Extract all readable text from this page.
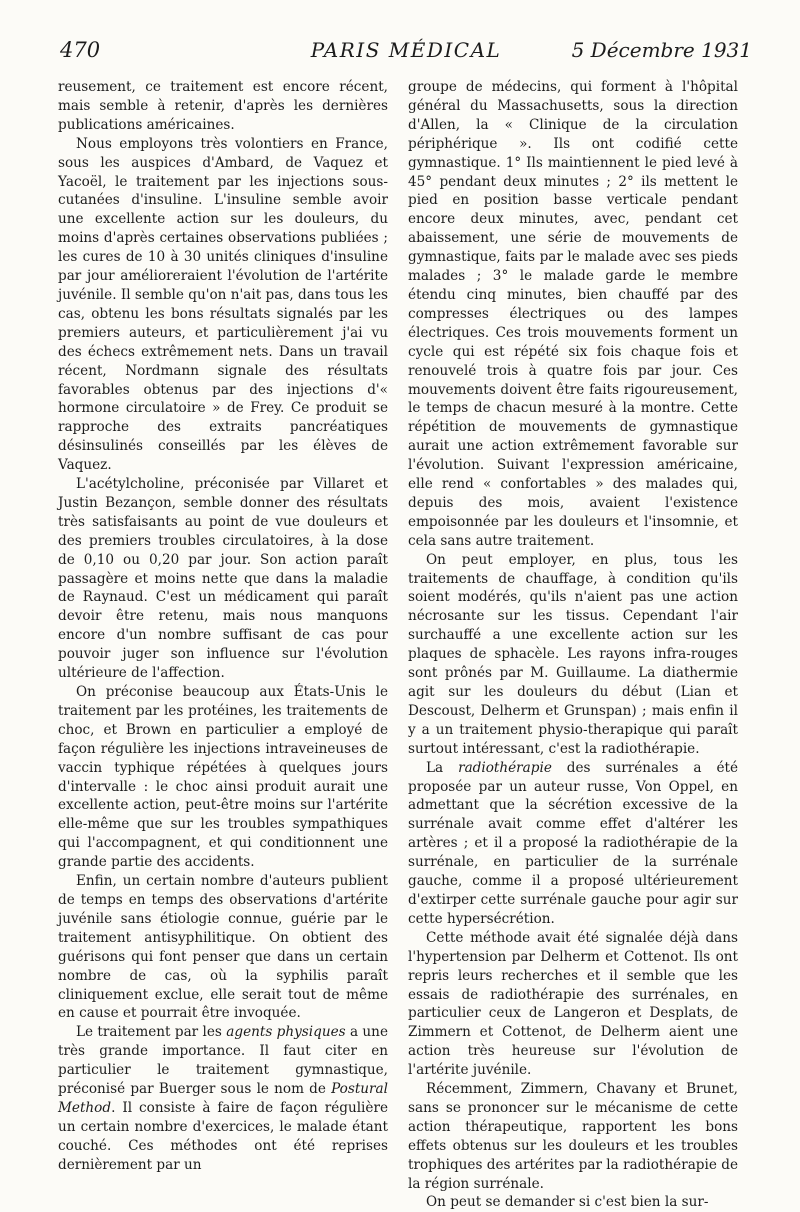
470	PARIS MÉDICAL	5 Décembre 1931

reusement, ce traitement est encore récent, mais semble à retenir, d'après les dernières publications américaines.

Nous employons très volontiers en France, sous les auspices d'Ambard, de Vaquez et Yacoël, le traitement par les injections sous-cutanées d'insuline. L'insuline semble avoir une excellente action sur les douleurs, du moins d'après certaines observations publiées ; les cures de 10 à 30 unités cliniques d'insuline par jour amélioreraient l'évolution de l'artérite juvénile. Il semble qu'on n'ait pas, dans tous les cas, obtenu les bons résultats signalés par les premiers auteurs, et particulièrement j'ai vu des échecs extrêmement nets. Dans un travail récent, Nordmann signale des résultats favorables obtenus par des injections d'« hormone circulatoire » de Frey. Ce produit se rapproche des extraits pancréatiques désinsulinés conseillés par les élèves de Vaquez.

L'acétylcholine, préconisée par Villaret et Justin Bezançon, semble donner des résultats très satisfaisants au point de vue douleurs et des premiers troubles circulatoires, à la dose de 0,10 ou 0,20 par jour. Son action paraît passagère et moins nette que dans la maladie de Raynaud. C'est un médicament qui paraît devoir être retenu, mais nous manquons encore d'un nombre suffisant de cas pour pouvoir juger son influence sur l'évolution ultérieure de l'affection.

On préconise beaucoup aux États-Unis le traitement par les protéines, les traitements de choc, et Brown en particulier a employé de façon régulière les injections intraveineuses de vaccin typhique répétées à quelques jours d'intervalle : le choc ainsi produit aurait une excellente action, peut-être moins sur l'artérite elle-même que sur les troubles sympathiques qui l'accompagnent, et qui conditionnent une grande partie des accidents.

Enfin, un certain nombre d'auteurs publient de temps en temps des observations d'artérite juvénile sans étiologie connue, guérie par le traitement antisyphilitique. On obtient des guérisons qui font penser que dans un certain nombre de cas, où la syphilis paraît cliniquement exclue, elle serait tout de même en cause et pourrait être invoquée.

Le traitement par les agents physiques a une très grande importance. Il faut citer en particulier le traitement gymnastique, préconisé par Buerger sous le nom de Postural Method. Il consiste à faire de façon régulière un certain nombre d'exercices, le malade étant couché. Ces méthodes ont été reprises dernièrement par un

groupe de médecins, qui forment à l'hôpital général du Massachusetts, sous la direction d'Allen, la « Clinique de la circulation périphérique ». Ils ont codifié cette gymnastique. 1° Ils maintiennent le pied levé à 45° pendant deux minutes ; 2° ils mettent le pied en position basse verticale pendant encore deux minutes, avec, pendant cet abaissement, une série de mouvements de gymnastique, faits par le malade avec ses pieds malades ; 3° le malade garde le membre étendu cinq minutes, bien chauffé par des compresses électriques ou des lampes électriques. Ces trois mouvements forment un cycle qui est répété six fois chaque fois et renouvelé trois à quatre fois par jour. Ces mouvements doivent être faits rigoureusement, le temps de chacun mesuré à la montre. Cette répétition de mouvements de gymnastique aurait une action extrêmement favorable sur l'évolution. Suivant l'expression américaine, elle rend « confortables » des malades qui, depuis des mois, avaient l'existence empoisonnée par les douleurs et l'insomnie, et cela sans autre traitement.

On peut employer, en plus, tous les traitements de chauffage, à condition qu'ils soient modérés, qu'ils n'aient pas une action nécrosante sur les tissus. Cependant l'air surchauffé a une excellente action sur les plaques de sphacèle. Les rayons infra-rouges sont prônés par M. Guillaume. La diathermie agit sur les douleurs du début (Lian et Descoust, Delherm et Grunspan) ; mais enfin il y a un traitement physio-therapique qui paraît surtout intéressant, c'est la radiothérapie.

La radiothérapie des surrénales a été proposée par un auteur russe, Von Oppel, en admettant que la sécrétion excessive de la surrénale avait comme effet d'altérer les artères ; et il a proposé la radiothérapie de la surrénale, en particulier de la surrénale gauche, comme il a proposé ultérieurement d'extirper cette surrénale gauche pour agir sur cette hypersécrétion.

Cette méthode avait été signalée déjà dans l'hypertension par Delherm et Cottenot. Ils ont repris leurs recherches et il semble que les essais de radiothérapie des surrénales, en particulier ceux de Langeron et Desplats, de Zimmern et Cottenot, de Delherm aient une action très heureuse sur l'évolution de l'artérite juvénile.

Récemment, Zimmern, Chavany et Brunet, sans se prononcer sur le mécanisme de cette action thérapeutique, rapportent les bons effets obtenus sur les douleurs et les troubles trophiques des artérites par la radiothérapie de la région surrénale.

On peut se demander si c'est bien la sur-
